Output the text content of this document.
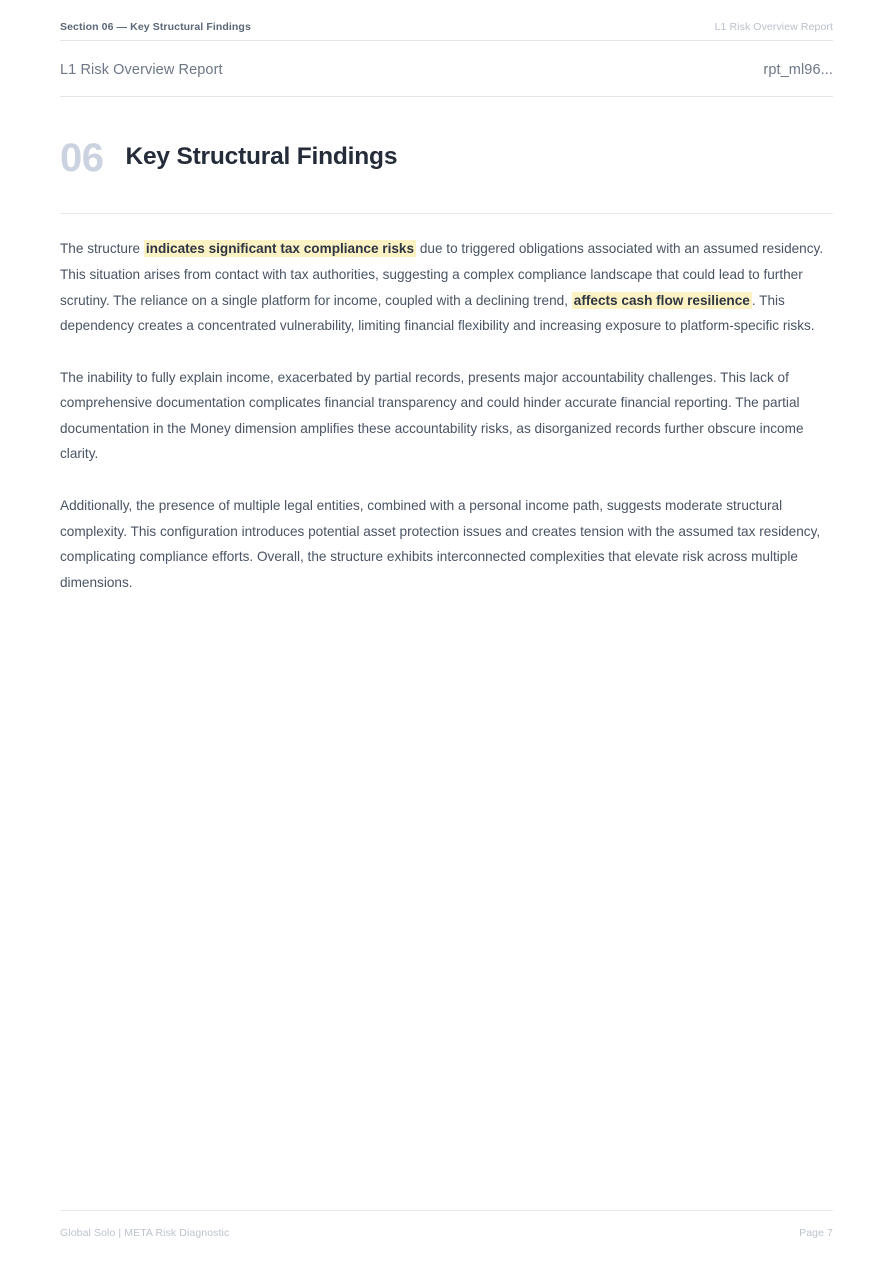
Section 06 — Key Structural Findings	L1 Risk Overview Report
L1 Risk Overview Report	rpt_ml96...
06 Key Structural Findings

The structure indicates significant tax compliance risks due to triggered obligations associated with an assumed residency. This situation arises from contact with tax authorities, suggesting a complex compliance landscape that could lead to further scrutiny. The reliance on a single platform for income, coupled with a declining trend, affects cash flow resilience . This dependency creates a concentrated vulnerability, limiting financial flexibility and increasing exposure to platform-specific risks.

The inability to fully explain income, exacerbated by partial records, presents major accountability challenges. This lack of comprehensive documentation complicates financial transparency and could hinder accurate financial reporting. The partial documentation in the Money dimension amplifies these accountability risks, as disorganized records further obscure income clarity.

Additionally, the presence of multiple legal entities, combined with a personal income path, suggests moderate structural complexity. This configuration introduces potential asset protection issues and creates tension with the assumed tax residency, complicating compliance efforts. Overall, the structure exhibits interconnected complexities that elevate risk across multiple dimensions.

Global Solo | META Risk Diagnostic	Page 7
